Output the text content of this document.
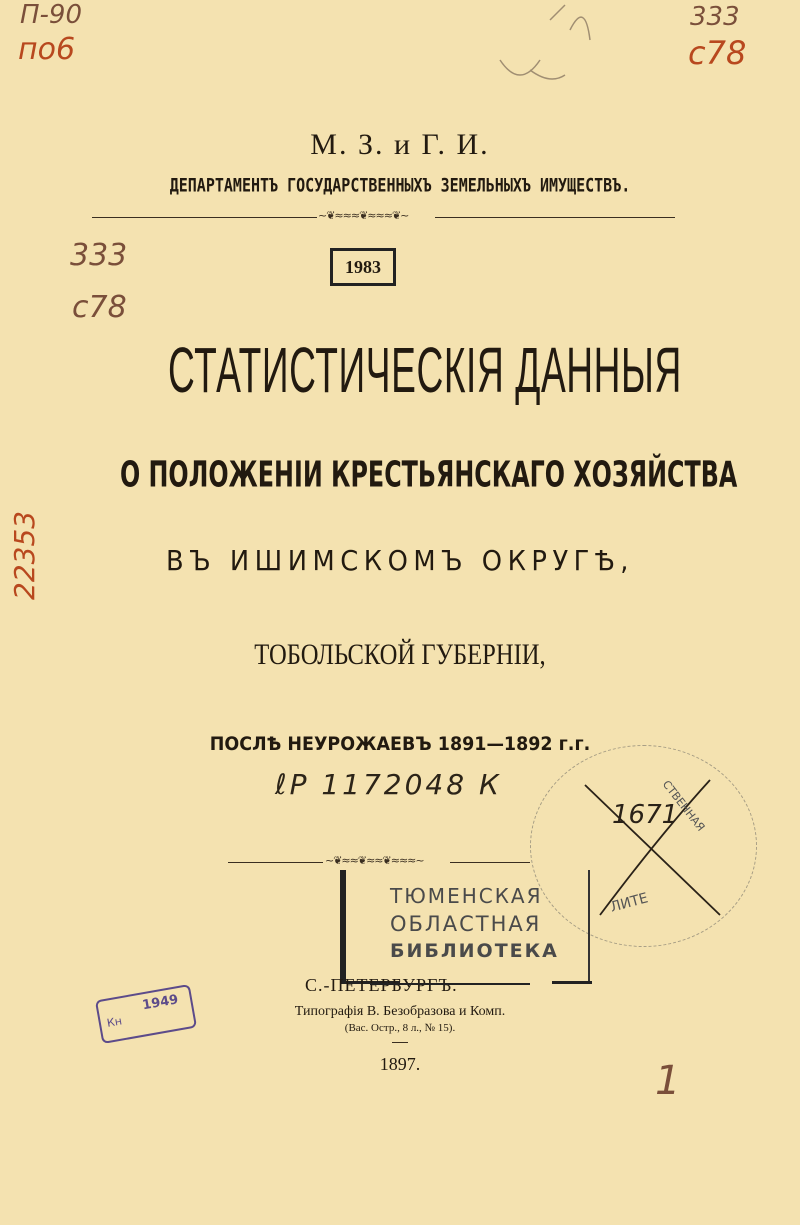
П-90
по6
333
с78
333
с78
22353
1
М. З. и Г. И.
ДЕПАРТАМЕНТЪ ГОСУДАРСТВЕННЫХЪ ЗЕМЕЛЬНЫХЪ ИМУЩЕСТВЪ.
~❦≈≈≈❦≈≈≈❦~
1983
СТАТИСТИЧЕСКІЯ ДАННЫЯ
О ПОЛОЖЕНІИ КРЕСТЬЯНСКАГО ХОЗЯЙСТВА
ВЪ ИШИМСКОМЪ ОКРУГѢ,
ТОБОЛЬСКОЙ ГУБЕРНІИ,
ПОСЛѢ НЕУРОЖАЕВЪ 1891—1892 г.г.
ℓР 1172048 К
1671
СТВЕННАЯ
ЛИТЕ
~❦≈≈❦≈≈❦≈≈≈~
ТЮМЕНСКАЯ
ОБЛАСТНАЯ
БИБЛИОТЕКА
С.-ПЕТЕРБУРГЪ.
Типографія В. Безобразова и Комп.
(Вас. Остр., 8 л., № 15).
1897.
Кн
1949
